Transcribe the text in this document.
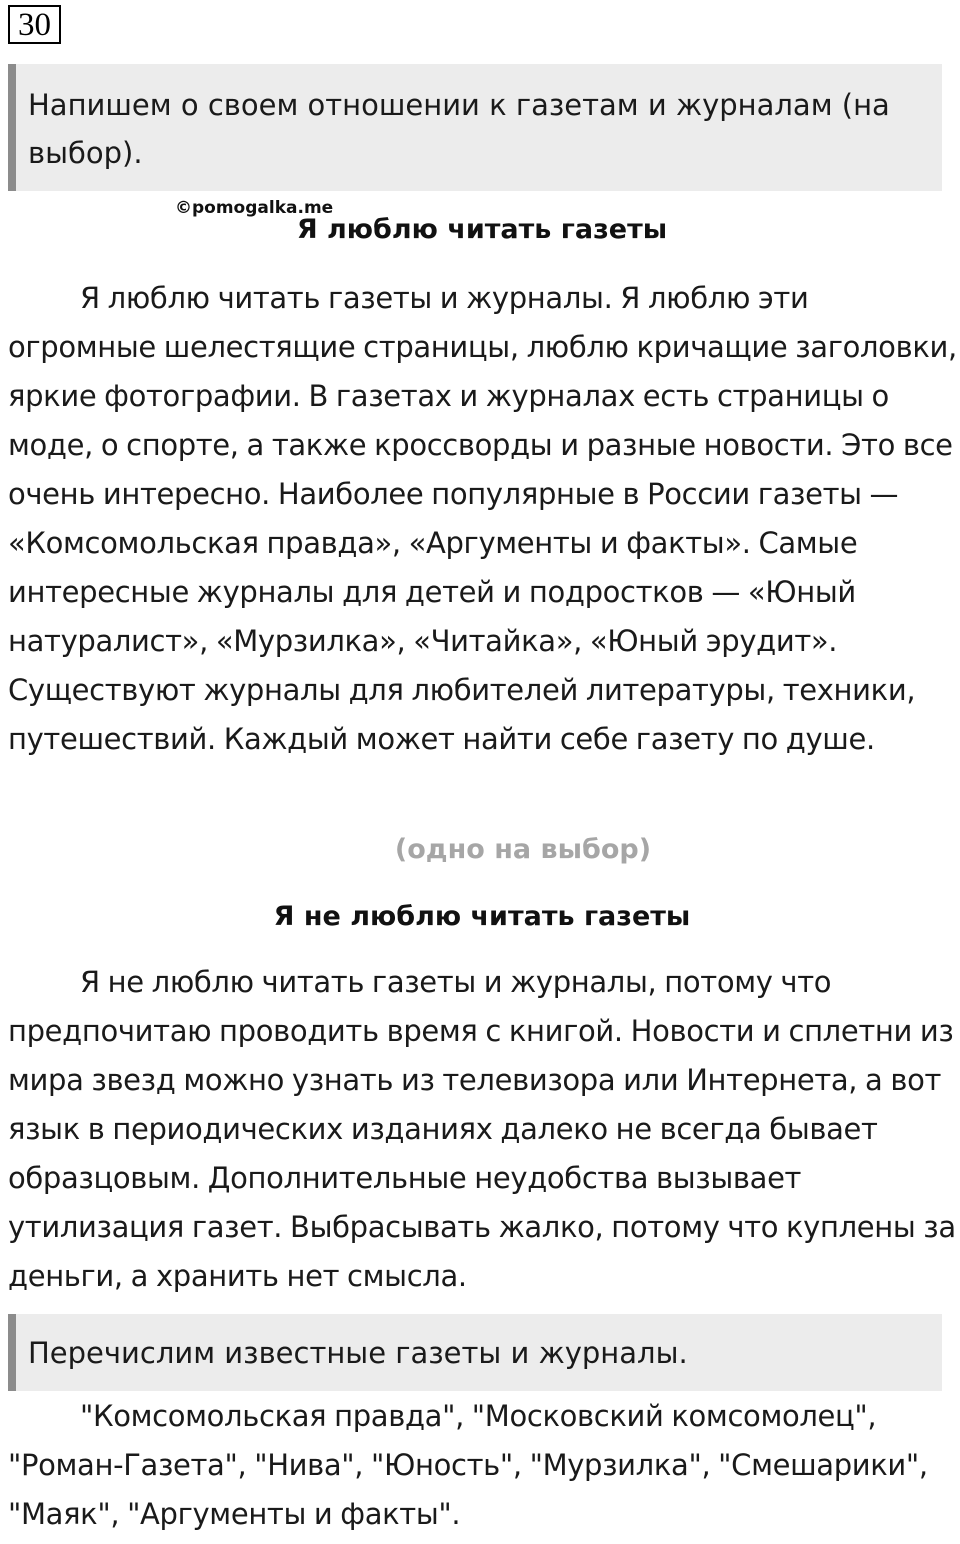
30
Напишем о своем отношении к газетам и журналам (на выбор).
©pomogalka.me
Я люблю читать газеты

Я люблю читать газеты и журналы. Я люблю эти огромные шелестящие страницы, люблю кричащие заголовки, яркие фотографии. В газетах и журналах есть страницы о моде, о спорте, а также кроссворды и разные новости. Это все очень интересно. Наиболее популярные в России газеты — «Комсомольская правда», «Аргументы и факты». Самые интересные журналы для детей и подростков — «Юный натуралист», «Мурзилка», «Читайка», «Юный эрудит». Существуют журналы для любителей литературы, техники, путешествий. Каждый может найти себе газету по душе.

(одно на выбор)
Я не люблю читать газеты

Я не люблю читать газеты и журналы, потому что предпочитаю проводить время с книгой. Новости и сплетни из мира звезд можно узнать из телевизора или Интернета, а вот язык в периодических изданиях далеко не всегда бывает образцовым. Дополнительные неудобства вызывает утилизация газет. Выбрасывать жалко, потому что куплены за деньги, а хранить нет смысла.

Перечислим известные газеты и журналы.

"Комсомольская правда", "Московский комсомолец", "Роман-Газета", "Нива", "Юность", "Мурзилка", "Смешарики", "Маяк", "Аргументы и факты".
